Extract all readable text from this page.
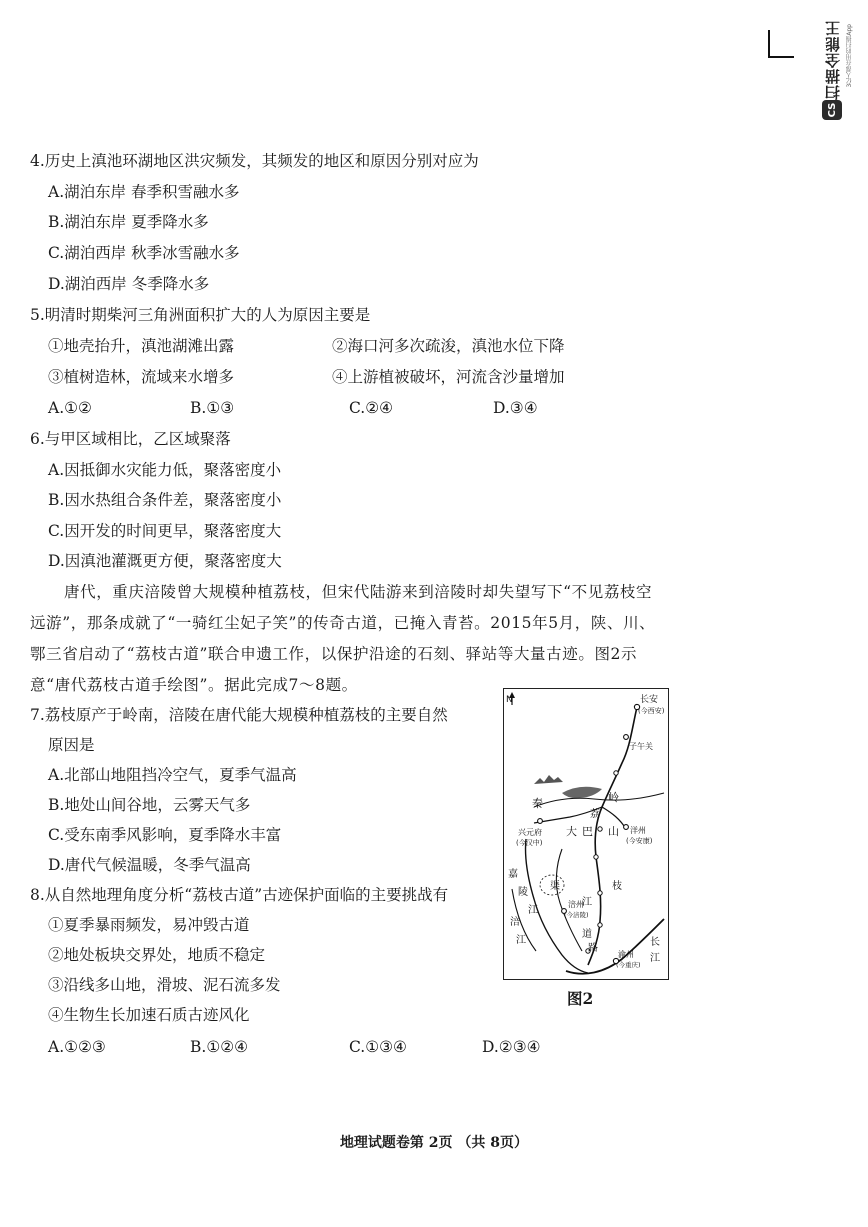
扫描全能王 3亿人都在用的扫描App
CS
4.历史上滇池环湖地区洪灾频发，其频发的地区和原因分别对应为
A.湖泊东岸 春季积雪融水多
B.湖泊东岸 夏季降水多
C.湖泊西岸 秋季冰雪融水多
D.湖泊西岸 冬季降水多
5.明清时期柴河三角洲面积扩大的人为原因主要是
①地壳抬升，滇池湖滩出露	②海口河多次疏浚，滇池水位下降
③植树造林，流域来水增多	④上游植被破坏，河流含沙量增加
A.①②	B.①③	C.②④	D.③④
6.与甲区域相比，乙区域聚落
A.因抵御水灾能力低，聚落密度小
B.因水热组合条件差，聚落密度小
C.因开发的时间更早，聚落密度大
D.因滇池灌溉更方便，聚落密度大
唐代，重庆涪陵曾大规模种植荔枝，但宋代陆游来到涪陵时却失望写下“不见荔枝空
远游”，那条成就了“一骑红尘妃子笑”的传奇古道，已掩入青苔。2015年5月，陕、川、
鄂三省启动了“荔枝古道”联合申遗工作，以保护沿途的石刻、驿站等大量古迹。图2示
意“唐代荔枝古道手绘图”。据此完成7～8题。
7.荔枝原产于岭南，涪陵在唐代能大规模种植荔枝的主要自然
原因是
A.北部山地阻挡冷空气，夏季气温高
B.地处山间谷地，云雾天气多
C.受东南季风影响，夏季降水丰富
D.唐代气候温暖，冬季气温高
8.从自然地理角度分析“荔枝古道”古迹保护面临的主要挑战有
①夏季暴雨频发，易冲毁古道
②地处板块交界处，地质不稳定
③沿线多山地，滑坡、泥石流多发
④生物生长加速石质古迹风化
A.①②③	B.①②④	C.①③④	D.②③④
N	长安
(今西安)
子午关
秦	岭
兴元府
(今汉中)
大 巴 山 洋州
(今安康)
荔
枝
嘉
陵
江
渠
江
涪州
(今涪陵)
道
路
涪
江	长
江
渝州
(今重庆)
图2
地理试题卷第 2页 （共 8页）
